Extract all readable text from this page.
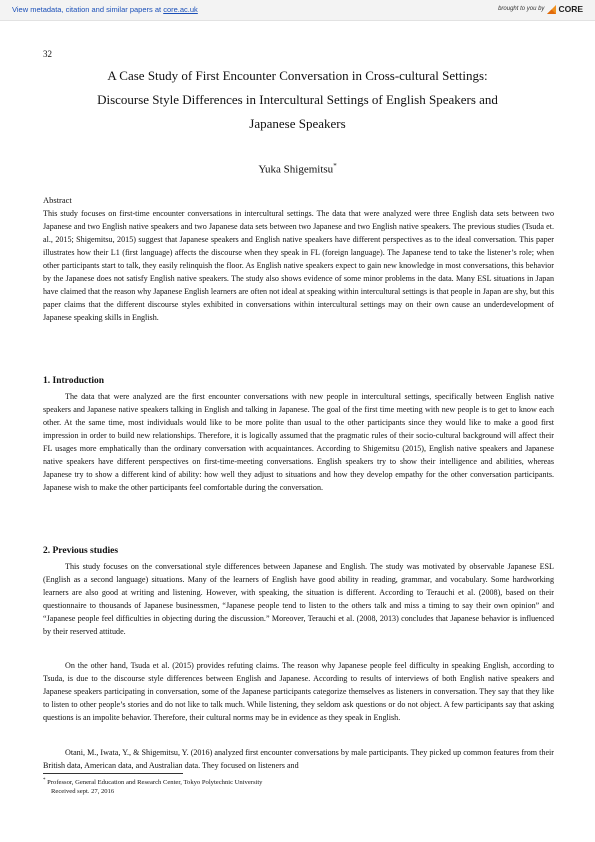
View metadata, citation and similar papers at core.ac.uk	brought to you by CORE
32
A Case Study of First Encounter Conversation in Cross-cultural Settings:
Discourse Style Differences in Intercultural Settings of English Speakers and
Japanese Speakers
Yuka Shigemitsu*
Abstract
This study focuses on first-time encounter conversations in intercultural settings. The data that were analyzed were three English data sets between two Japanese and two English native speakers and two Japanese data sets between two Japanese and two English native speakers. The previous studies (Tsuda et. al., 2015; Shigemitsu, 2015) suggest that Japanese speakers and English native speakers have different perspectives as to the ideal conversation. This paper illustrates how their L1 (first language) affects the discourse when they speak in FL (foreign language). The Japanese tend to take the listener’s role; when other participants start to talk, they easily relinquish the floor. As English native speakers expect to gain new knowledge in most conversations, this behavior by the Japanese does not satisfy English native speakers. The study also shows evidence of some minor problems in the data. Many ESL situations in Japan have claimed that the reason why Japanese English learners are often not ideal at speaking within intercultural settings is that people in Japan are shy, but this paper claims that the different discourse styles exhibited in conversations within intercultural settings may on their own cause an underdevelopment of Japanese speaking skills in English.
1. Introduction
The data that were analyzed are the first encounter conversations with new people in intercultural settings, specifically between English native speakers and Japanese native speakers talking in English and talking in Japanese. The goal of the first time meeting with new people is to get to know each other. At the same time, most individuals would like to be more polite than usual to the other participants since they would like to make a good first impression in order to build new relationships. Therefore, it is logically assumed that the pragmatic rules of their socio-cultural background will affect their FL usages more emphatically than the ordinary conversation with acquaintances. According to Shigemitsu (2015), English native speakers and Japanese native speakers have different perspectives on first-time-meeting conversations. English speakers try to show their intelligence and abilities, whereas Japanese try to show a different kind of ability: how well they adjust to situations and how they develop empathy for the other conversation participants. Japanese wish to make the other participants feel comfortable during the conversation.
2. Previous studies
This study focuses on the conversational style differences between Japanese and English. The study was motivated by observable Japanese ESL (English as a second language) situations. Many of the learners of English have good ability in reading, grammar, and vocabulary. Some hardworking learners are also good at writing and listening. However, with speaking, the situation is different. According to Terauchi et al. (2008), based on their questionnaire to thousands of Japanese businessmen, “Japanese people tend to listen to the others talk and miss a timing to say their own opinion” and “Japanese people feel difficulties in objecting during the discussion.” Moreover, Terauchi et al. (2008, 2013) concludes that Japanese behavior is influenced by their reserved attitude.
On the other hand, Tsuda et al. (2015) provides refuting claims. The reason why Japanese people feel difficulty in speaking English, according to Tsuda, is due to the discourse style differences between English and Japanese. According to results of interviews of both English native speakers and Japanese speakers participating in conversation, some of the Japanese participants categorize themselves as listeners in conversation. They say that they like to listen to other people’s stories and do not like to talk much. While listening, they seldom ask questions or do not object. A few participants say that asking questions is an impolite behavior. Therefore, their cultural norms may be in evidence as they speak in English.
Otani, M., Iwata, Y., & Shigemitsu, Y. (2016) analyzed first encounter conversations by male participants. They picked up common features from their British data, American data, and Australian data. They focused on listeners and
* Professor, General Education and Research Center, Tokyo Polytechnic University
Received sept. 27, 2016
